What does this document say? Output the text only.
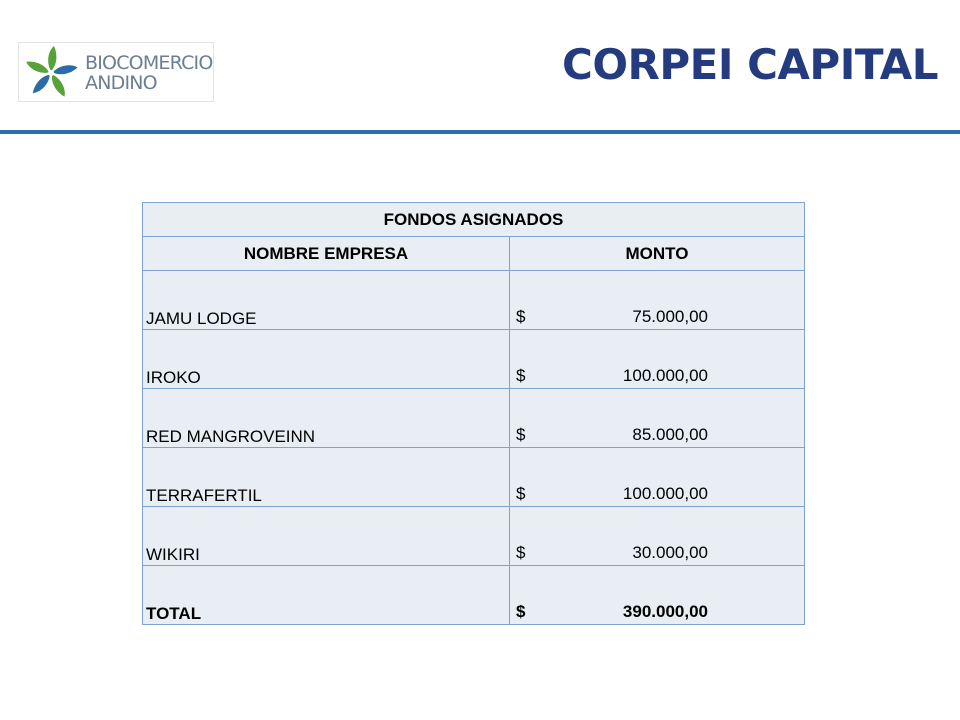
BIOCOMERCIO
ANDINO	CORPEI CAPITAL
FONDOS ASIGNADOS	
NOMBRE EMPRESA	MONTO
JAMU LODGE	$ 75.000,00

IROKO	$ 100.000,00

RED MANGROVEINN	$ 85.000,00

TERRAFERTIL	$ 100.000,00

WIKIRI	$ 30.000,00

TOTAL	$ 390.000,00
